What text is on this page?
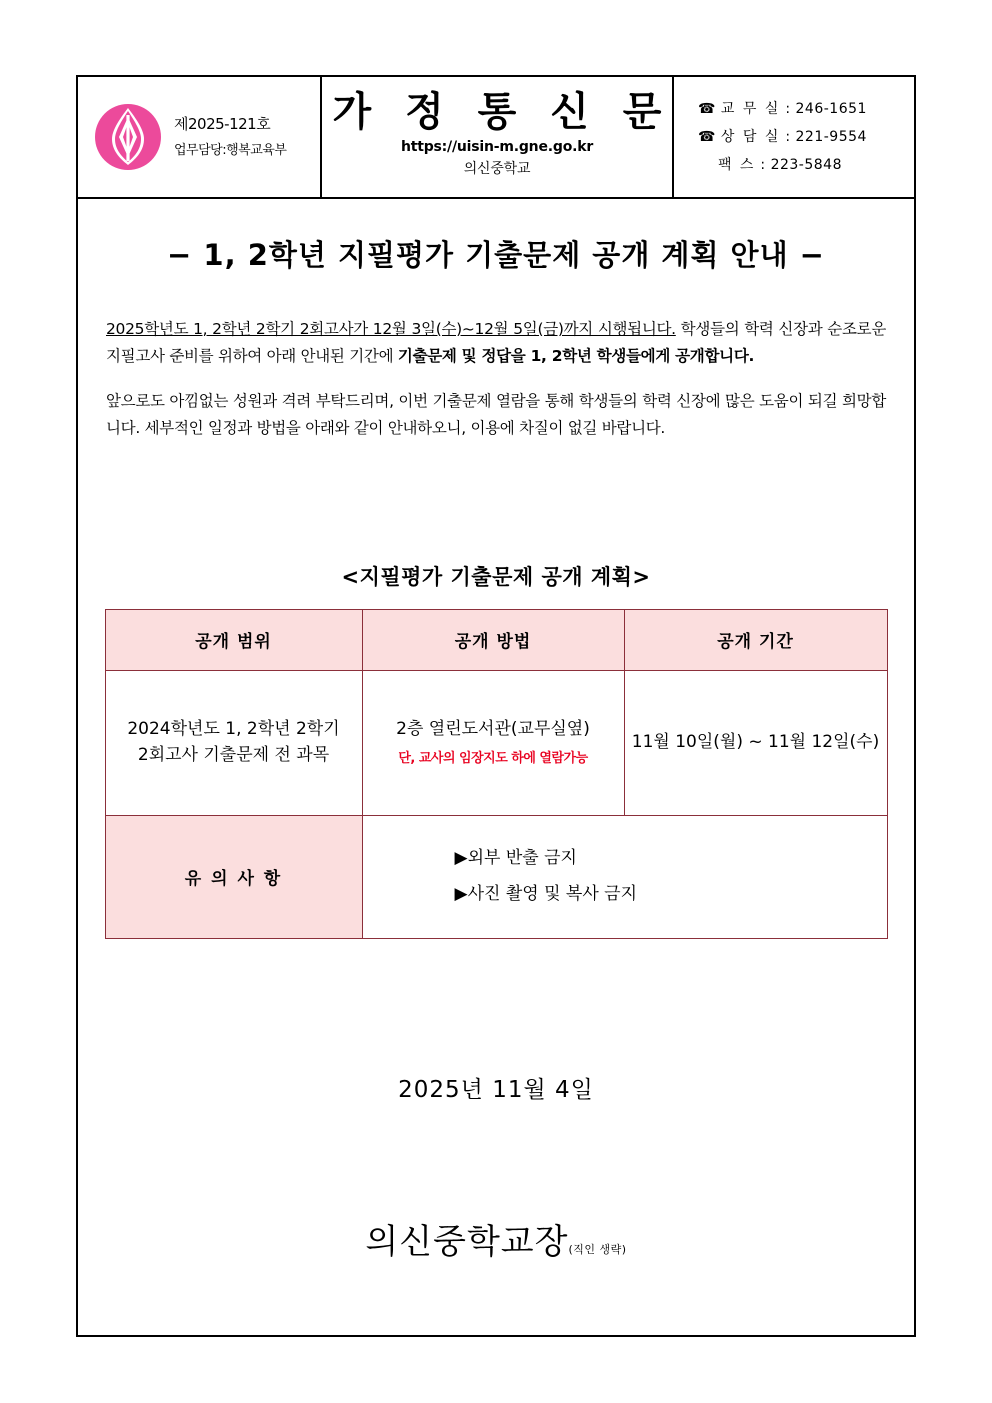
제2025-121호
업무담당:행복교육부
가 정 통 신 문
https://uisin-m.gne.go.kr
의신중학교
☎ 교 무 실 : 246-1651
☎ 상 담 실 : 221-9554
팩 스 : 223-5848
− 1, 2학년 지필평가 기출문제 공개 계획 안내 −

2025학년도 1, 2학년 2학기 2회고사가 12월 3일(수)~12월 5일(금)까지 시행됩니다. 학생들의 학력 신장과 순조로운 지필고사 준비를 위하여 아래 안내된 기간에 기출문제 및 정답을 1, 2학년 학생들에게 공개합니다.

앞으로도 아낌없는 성원과 격려 부탁드리며, 이번 기출문제 열람을 통해 학생들의 학력 신장에 많은 도움이 되길 희망합니다. 세부적인 일정과 방법을 아래와 같이 안내하오니, 이용에 차질이 없길 바랍니다.

<지필평가 기출문제 공개 계획>
공개 범위	공개 방법	공개 기간

2024학년도 1, 2학년 2학기
2회고사 기출문제 전 과목
	2층 열린도서관(교무실옆)
단, 교사의 임장지도 하에 열람가능
	11월 10일(월) ~ 11월 12일(수)
유 의 사 항	▶외부 반출 금지
▶사진 촬영 및 복사 금지	
2025년 11월 4일
의신중학교장(직인 생략)
